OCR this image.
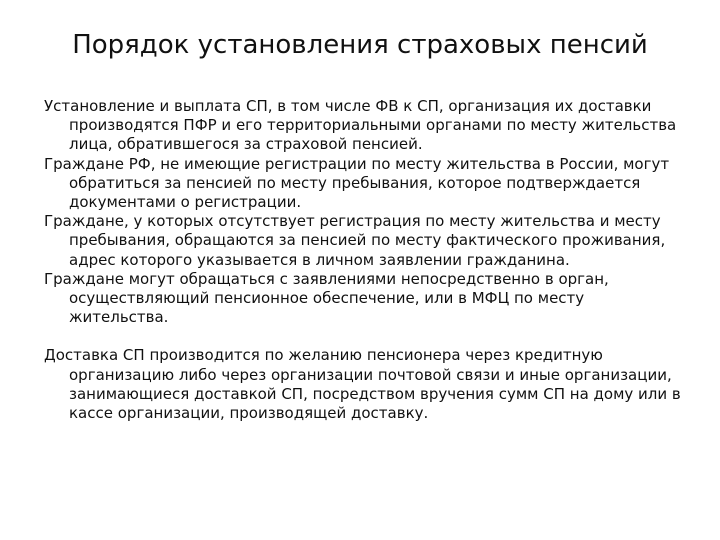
Порядок установления страховых пенсий

Установление и выплата СП, в том числе ФВ к СП, организация их доставки производятся ПФР и его территориальными органами по месту жительства лица, обратившегося за страховой пенсией.

Граждане РФ, не имеющие регистрации по месту жительства в России, могут обратиться за пенсией по месту пребывания, которое подтверждается документами о регистрации.

Граждане, у которых отсутствует регистрация по месту жительства и месту пребывания, обращаются за пенсией по месту фактического проживания, адрес которого указывается в личном заявлении гражданина.

Граждане могут обращаться с заявлениями непосредственно в орган, осуществляющий пенсионное обеспечение, или в МФЦ по месту жительства.

Доставка СП производится по желанию пенсионера через кредитную организацию либо через организации почтовой связи и иные организации, занимающиеся доставкой СП, посредством вручения сумм СП на дому или в кассе организации, производящей доставку.
